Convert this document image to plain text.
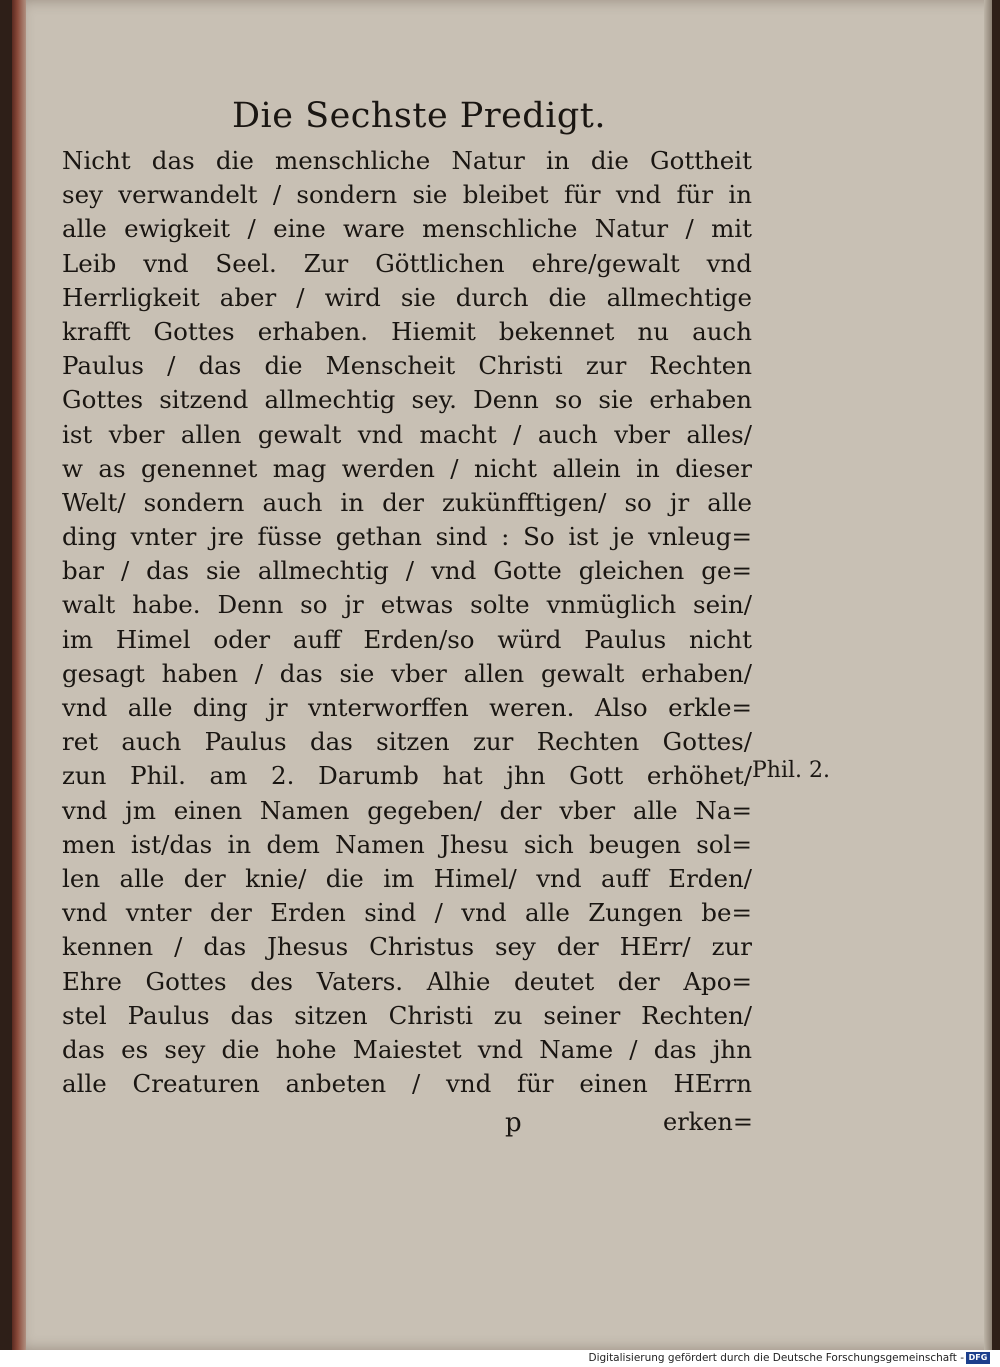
Die Sechste Predigt.
Nicht das die menschliche Natur in die Gottheit
sey verwandelt / sondern sie bleibet für vnd für in
alle ewigkeit / eine ware menschliche Natur / mit
Leib vnd Seel. Zur Göttlichen ehre/gewalt vnd
Herrligkeit aber / wird sie durch die allmechtige
krafft Gottes erhaben. Hiemit bekennet nu auch
Paulus / das die Menscheit Christi zur Rechten
Gottes sitzend allmechtig sey. Denn so sie erhaben
ist vber allen gewalt vnd macht / auch vber alles/
w as genennet mag werden / nicht allein in dieser
Welt/ sondern auch in der zukünfftigen/ so jr alle
ding vnter jre füsse gethan sind : So ist je vnleug=
bar / das sie allmechtig / vnd Gotte gleichen ge=
walt habe. Denn so jr etwas solte vnmüglich sein/
im Himel oder auff Erden/so würd Paulus nicht
gesagt haben / das sie vber allen gewalt erhaben/
vnd alle ding jr vnterworffen weren. Also erkle=
ret auch Paulus das sitzen zur Rechten Gottes/
zun Phil. am 2. Darumb hat jhn Gott erhöhet/
vnd jm einen Namen gegeben/ der vber alle Na=
men ist/das in dem Namen Jhesu sich beugen sol=
len alle der knie/ die im Himel/ vnd auff Erden/
vnd vnter der Erden sind / vnd alle Zungen be=
kennen / das Jhesus Christus sey der HErr/ zur
Ehre Gottes des Vaters. Alhie deutet der Apo=
stel Paulus das sitzen Christi zu seiner Rechten/
das es sey die hohe Maiestet vnd Name / das jhn
alle Creaturen anbeten / vnd für einen HErrn
Phil. 2.
p	erken=
Digitalisierung gefördert durch die Deutsche Forschungsgemeinschaft - DFG
